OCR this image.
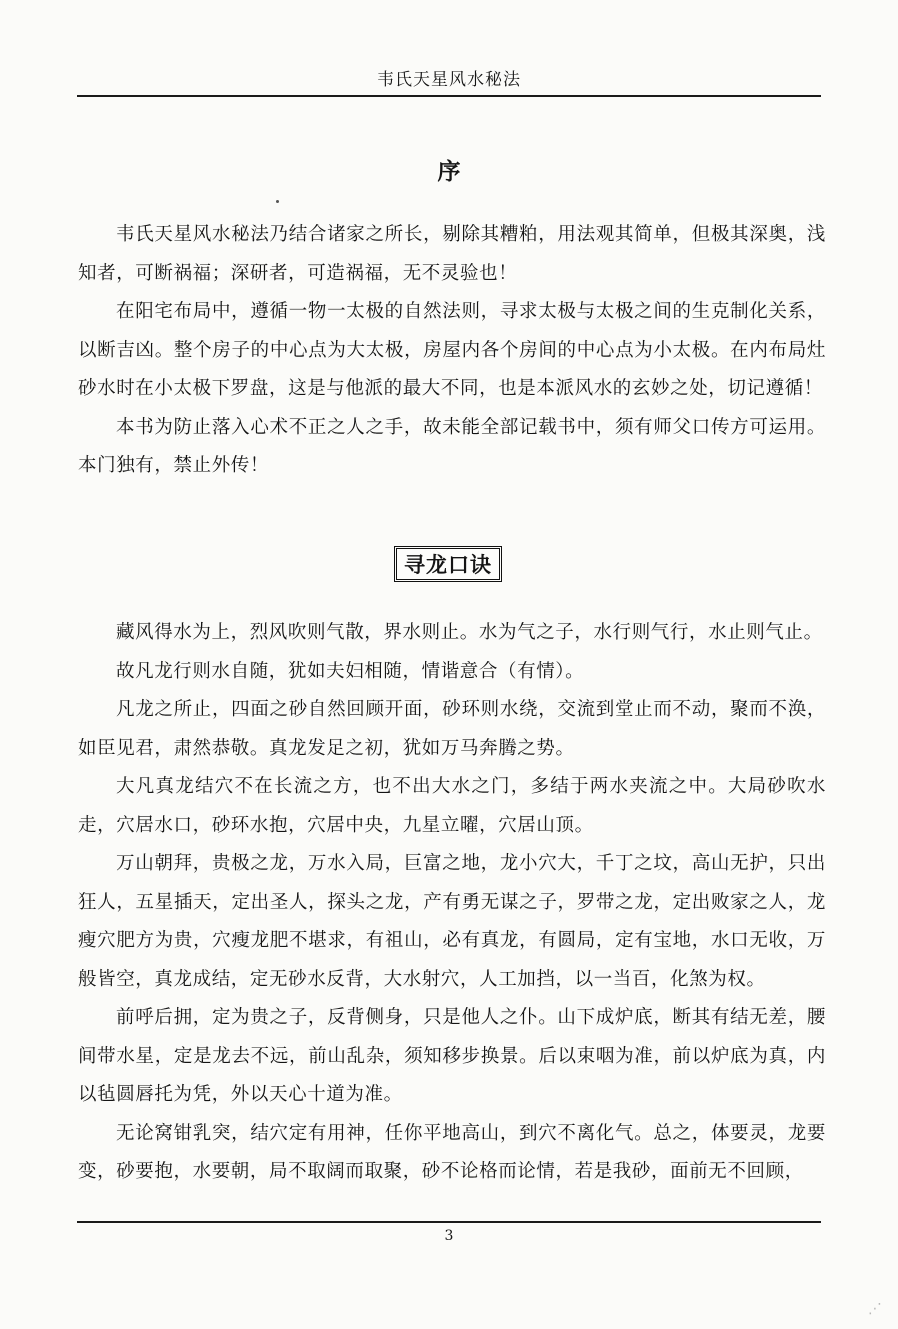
韦氏天星风水秘法
序

韦氏天星风水秘法乃结合诸家之所长，剔除其糟粕，用法观其简单，但极其深奥，浅知者，可断祸福；深研者，可造祸福，无不灵验也！

在阳宅布局中，遵循一物一太极的自然法则，寻求太极与太极之间的生克制化关系，以断吉凶。整个房子的中心点为大太极，房屋内各个房间的中心点为小太极。在内布局灶砂水时在小太极下罗盘，这是与他派的最大不同，也是本派风水的玄妙之处，切记遵循！

本书为防止落入心术不正之人之手，故未能全部记载书中，须有师父口传方可运用。本门独有，禁止外传！

寻龙口诀

藏风得水为上，烈风吹则气散，界水则止。水为气之子，水行则气行，水止则气止。

故凡龙行则水自随，犹如夫妇相随，情谐意合（有情）。

凡龙之所止，四面之砂自然回顾开面，砂环则水绕，交流到堂止而不动，聚而不涣，如臣见君，肃然恭敬。真龙发足之初，犹如万马奔腾之势。

大凡真龙结穴不在长流之方，也不出大水之门，多结于两水夹流之中。大局砂吹水走，穴居水口，砂环水抱，穴居中央，九星立曜，穴居山顶。

万山朝拜，贵极之龙，万水入局，巨富之地，龙小穴大，千丁之坟，高山无护，只出狂人，五星插天，定出圣人，探头之龙，产有勇无谋之子，罗带之龙，定出败家之人，龙瘦穴肥方为贵，穴瘦龙肥不堪求，有祖山，必有真龙，有圆局，定有宝地，水口无收，万般皆空，真龙成结，定无砂水反背，大水射穴，人工加挡，以一当百，化煞为权。

前呼后拥，定为贵之子，反背侧身，只是他人之仆。山下成炉底，断其有结无差，腰间带水星，定是龙去不远，前山乱杂，须知移步换景。后以束咽为准，前以炉底为真，内以毡圆唇托为凭，外以天心十道为准。

无论窝钳乳突，结穴定有用神，任你平地高山，到穴不离化气。总之，体要灵，龙要变，砂要抱，水要朝，局不取阔而取聚，砂不论格而论情，若是我砂，面前无不回顾，

3
⋰
